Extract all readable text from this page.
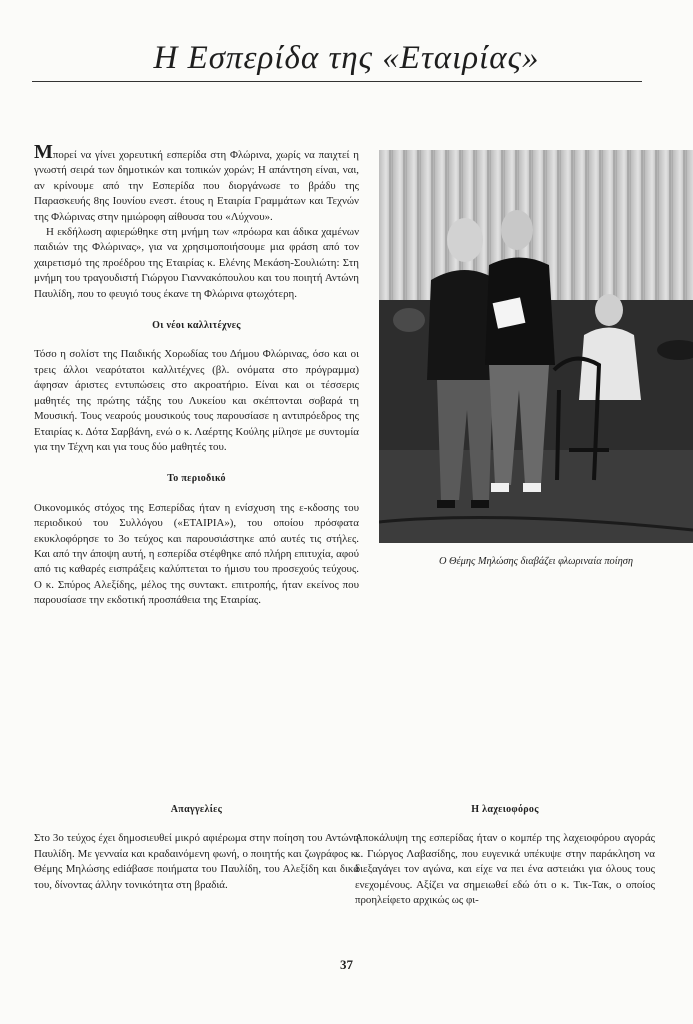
Η Εσπερίδα της «Εταιρίας»

Μπορεί να γίνει χορευτική εσπερίδα στη Φλώρινα, χωρίς να παιχτεί η γνωστή σειρά των δημοτικών και τοπικών χορών; Η απάντηση είναι, ναι, αν κρίνουμε από την Εσπερίδα που διοργάνωσε το βράδυ της Παρασκευής 8ης Ιουνίου ενεστ. έτους η Εταιρία Γραμμάτων και Τεχνών της Φλώρινας στην ημιώροφη αίθουσα του «Λύχνου».

Η εκδήλωση αφιερώθηκε στη μνήμη των «πρόωρα και άδικα χαμένων παιδιών της Φλώρινας», για να χρησιμοποιήσουμε μια φράση από τον χαιρετισμό της προέδρου της Εταιρίας κ. Ελένης Μεκάση-Σουλιώτη: Στη μνήμη του τραγουδιστή Γιώργου Γιαννακόπουλου και του ποιητή Αντώνη Παυλίδη, που το φευγιό τους έκανε τη Φλώρινα φτωχότερη.

Οι νέοι καλλιτέχνες

Τόσο η σολίστ της Παιδικής Χορωδίας του Δήμου Φλώρινας, όσο και οι τρεις άλλοι νεαρότατοι καλλιτέχνες (βλ. ονόματα στο πρόγραμμα) άφησαν άριστες εντυπώσεις στο ακροατήριο. Είναι και οι τέσσερις μαθητές της πρώτης τάξης του Λυκείου και σκέπτονται σοβαρά τη Μουσική. Τους νεαρούς μουσικούς τους παρουσίασε η αντιπρόεδρος της Εταιρίας κ. Δότα Σαρβάνη, ενώ ο κ. Λαέρτης Κούλης μίλησε με συντομία για την Τέχνη και για τους δύο μαθητές του.

Το περιοδικό

Οικονομικός στόχος της Εσπερίδας ήταν η ενίσχυση της ε-κδοσης του περιοδικού του Συλλόγου («ΕΤΑΙΡΙΑ»), του οποίου πρόσφατα εκυκλοφόρησε το 3ο τεύχος και παρουσιάστηκε από αυτές τις στήλες. Και από την άποψη αυτή, η εσπερίδα στέφθηκε από πλήρη επιτυχία, αφού από τις καθαρές εισπράξεις καλύπτεται το ήμισυ του προσεχούς τεύχους. Ο κ. Σπύρος Αλεξίδης, μέλος της συντακτ. επιτροπής, ήταν εκείνος που παρουσίασε την εκδοτική προσπάθεια της Εταιρίας.

Ο Θέμης Μηλώσης διαβάζει φλωριναία ποίηση
Απαγγελίες

Στο 3ο τεύχος έχει δημοσιευθεί μικρό αφιέρωμα στην ποίηση του Αντώνη Παυλίδη. Με γενναία και κραδαινόμενη φωνή, ο ποιητής και ζωγράφος κ. Θέμης Μηλώσης ediάβασε ποιήματα του Παυλίδη, του Αλεξίδη και δικά του, δίνοντας άλλην τονικότητα στη βραδιά.

Η λαχειοφόρος

Αποκάλυψη της εσπερίδας ήταν ο κομπέρ της λαχειοφόρου αγοράς κ. Γιώργος Λαβασίδης, που ευγενικά υπέκυψε στην παράκληση να διεξαγάγει τον αγώνα, και είχε να πει ένα αστειάκι για όλους τους ενεχομένους. Αξίζει να σημειωθεί εδώ ότι ο κ. Τικ-Τακ, ο οποίος προηλείφετο αρχικώς ως φι-

37
